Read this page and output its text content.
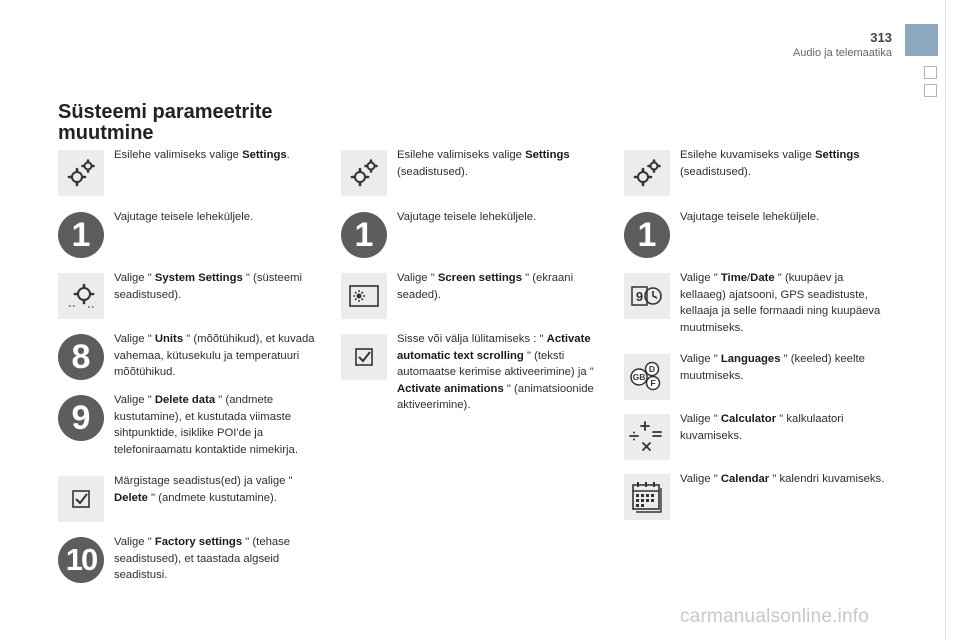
313
Audio ja telemaatika
Süsteemi parameetrite muutmine
Esilehe valimiseks valige Settings.
1	Vajutage teisele leheküljele.
Valige " System Settings " (süsteemi seadistused).
8	Valige " Units " (mõõtühikud), et kuvada vahemaa, kütusekulu ja temperatuuri mõõtühikud.
9	Valige " Delete data " (andmete kustutamine), et kustutada viimaste sihtpunktide, isiklike POI'de ja telefoniraamatu kontaktide nimekirja.
Märgistage seadistus(ed) ja valige " Delete " (andmete kustutamine).
10	Valige " Factory settings " (tehase seadistused), et taastada algseid seadistusi.
Esilehe valimiseks valige Settings (seadistused).
1	Vajutage teisele leheküljele.
Valige " Screen settings " (ekraani seaded).
Sisse või välja lülitamiseks : " Activate automatic text scrolling " (teksti automaatse kerimise aktiveerimine) ja " Activate animations " (animatsioonide aktiveerimine).
Esilehe kuvamiseks valige Settings (seadistused).
1	Vajutage teisele leheküljele.
9
Valige " Time/Date " (kuupäev ja kellaaeg) ajatsooni, GPS seadistuste, kellaaja ja selle formaadi ning kuupäeva muutmiseks.
D
F
GB
Valige " Languages " (keeled) keelte muutmiseks.
Valige " Calculator " kalkulaatori kuvamiseks.
Valige " Calendar " kalendri kuvamiseks.
carmanualsonline.info
